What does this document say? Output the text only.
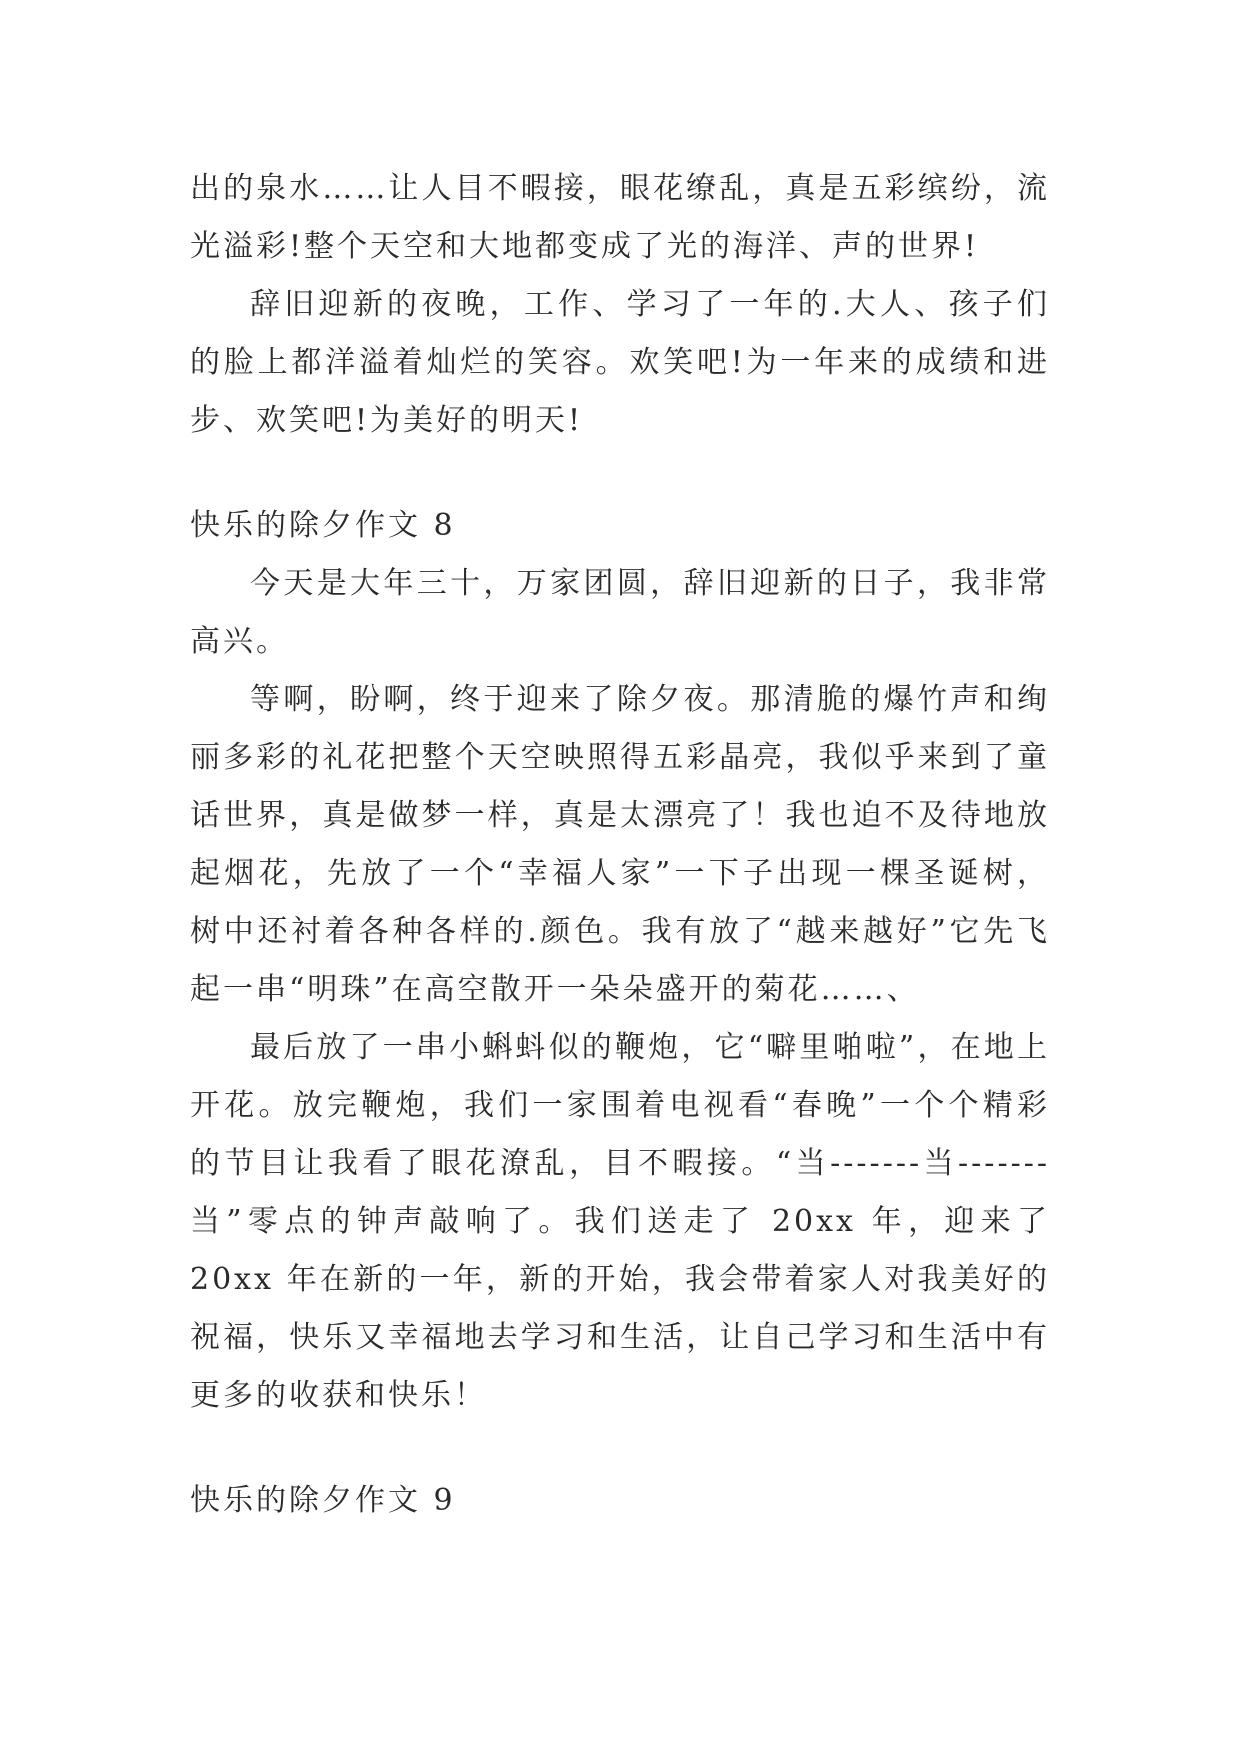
出的泉水……让人目不暇接，眼花缭乱，真是五彩缤纷，流光溢彩!整个天空和大地都变成了光的海洋、声的世界!

辞旧迎新的夜晚，工作、学习了一年的.大人、孩子们的脸上都洋溢着灿烂的笑容。欢笑吧!为一年来的成绩和进步、欢笑吧!为美好的明天!

快乐的除夕作文 8

今天是大年三十，万家团圆，辞旧迎新的日子，我非常高兴。

等啊，盼啊，终于迎来了除夕夜。那清脆的爆竹声和绚丽多彩的礼花把整个天空映照得五彩晶亮，我似乎来到了童话世界，真是做梦一样，真是太漂亮了！我也迫不及待地放起烟花，先放了一个“幸福人家”一下子出现一棵圣诞树，树中还衬着各种各样的.颜色。我有放了“越来越好”它先飞起一串“明珠”在高空散开一朵朵盛开的菊花……、

最后放了一串小蝌蚪似的鞭炮，它“噼里啪啦”，在地上开花。放完鞭炮，我们一家围着电视看“春晚”一个个精彩的节目让我看了眼花潦乱，目不暇接。“当-------当-------当”零点的钟声敲响了。我们送走了 20xx 年，迎来了 20xx 年在新的一年，新的开始，我会带着家人对我美好的祝福，快乐又幸福地去学习和生活，让自己学习和生活中有更多的收获和快乐！

快乐的除夕作文 9
